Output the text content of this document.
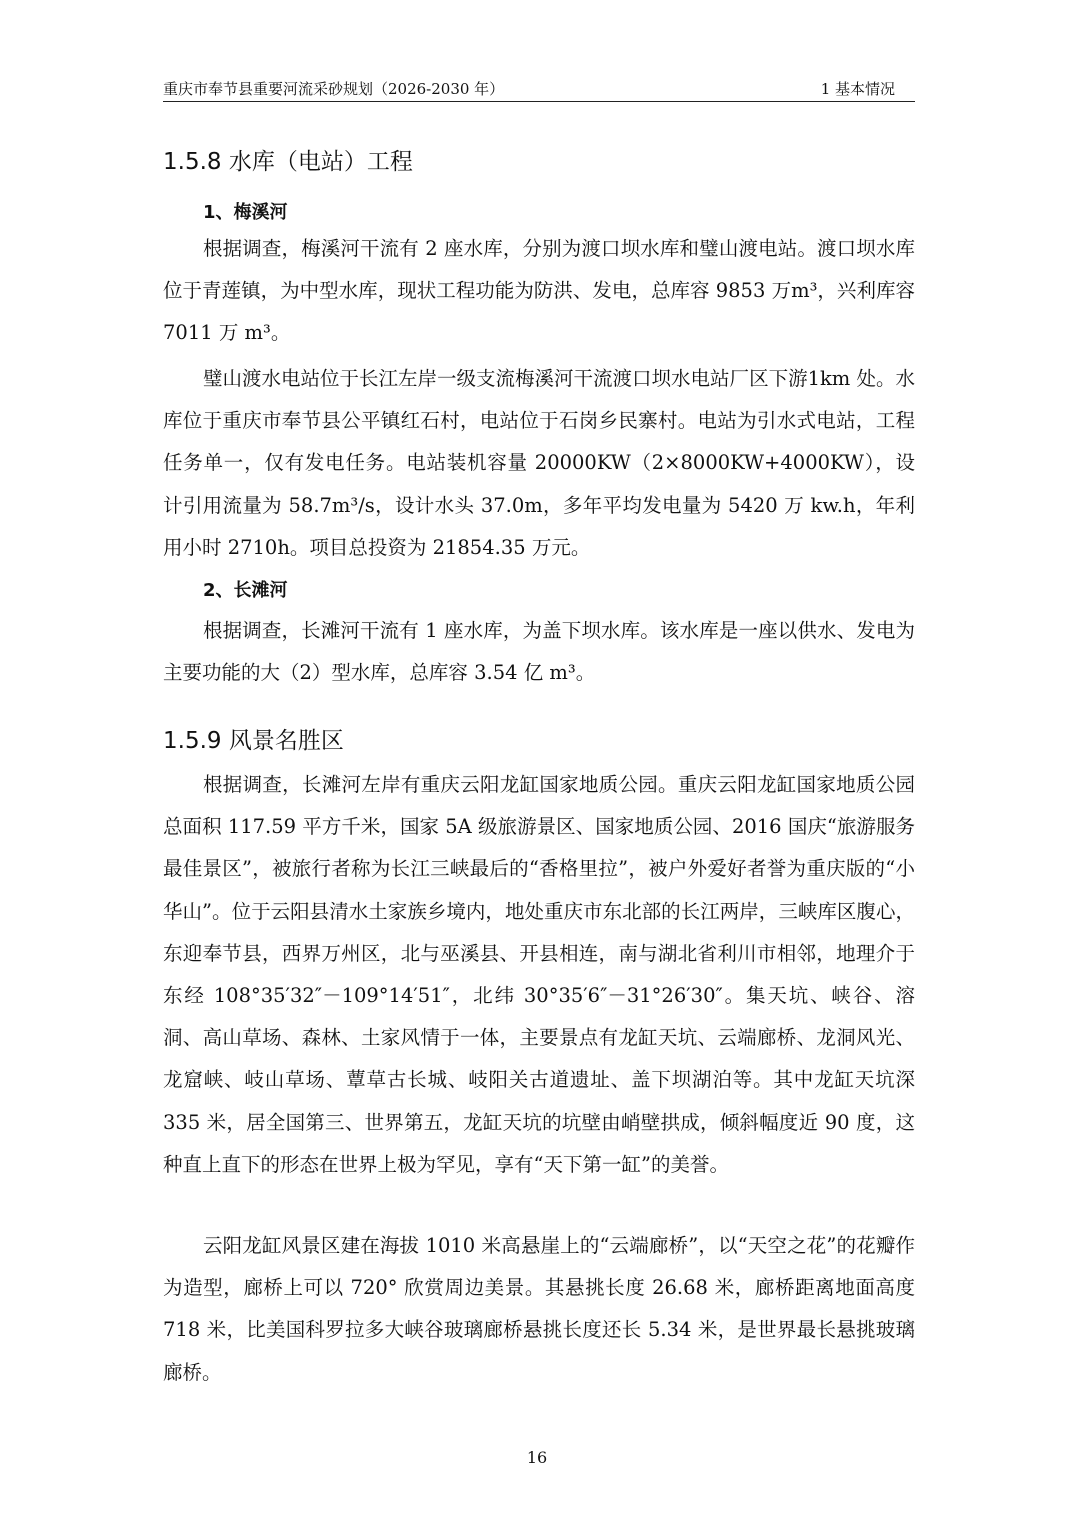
重庆市奉节县重要河流采砂规划（2026-2030 年）	1 基本情况
1.5.8 水库（电站）工程
1、梅溪河

根据调查，梅溪河干流有 2 座水库，分别为渡口坝水库和璧山渡电站。渡口坝水库位于青莲镇，为中型水库，现状工程功能为防洪、发电，总库容 9853 万m³，兴利库容 7011 万 m³。

璧山渡水电站位于长江左岸一级支流梅溪河干流渡口坝水电站厂区下游1km 处。水库位于重庆市奉节县公平镇红石村，电站位于石岗乡民寨村。电站为引水式电站，工程任务单一，仅有发电任务。电站装机容量 20000KW（2×8000KW+4000KW），设计引用流量为 58.7m³/s，设计水头 37.0m，多年平均发电量为 5420 万 kw.h，年利用小时 2710h。项目总投资为 21854.35 万元。

2、长滩河

根据调查，长滩河干流有 1 座水库，为盖下坝水库。该水库是一座以供水、发电为主要功能的大（2）型水库，总库容 3.54 亿 m³。

1.5.9 风景名胜区

根据调查，长滩河左岸有重庆云阳龙缸国家地质公园。重庆云阳龙缸国家地质公园总面积 117.59 平方千米，国家 5A 级旅游景区、国家地质公园、2016 国庆“旅游服务最佳景区”，被旅行者称为长江三峡最后的“香格里拉”，被户外爱好者誉为重庆版的“小华山”。位于云阳县清水土家族乡境内，地处重庆市东北部的长江两岸，三峡库区腹心，东迎奉节县，西界万州区，北与巫溪县、开县相连，南与湖北省利川市相邻，地理介于东经 108°35′32″－109°14′51″，北纬 30°35′6″－31°26′30″。集天坑、峡谷、溶洞、高山草场、森林、土家风情于一体，主要景点有龙缸天坑、云端廊桥、龙洞风光、龙窟峡、岐山草场、蕈草古长城、岐阳关古道遗址、盖下坝湖泊等。其中龙缸天坑深 335 米，居全国第三、世界第五，龙缸天坑的坑壁由峭壁拱成，倾斜幅度近 90 度，这种直上直下的形态在世界上极为罕见，享有“天下第一缸”的美誉。

云阳龙缸风景区建在海拔 1010 米高悬崖上的“云端廊桥”，以“天空之花”的花瓣作为造型，廊桥上可以 720° 欣赏周边美景。其悬挑长度 26.68 米，廊桥距离地面高度 718 米，比美国科罗拉多大峡谷玻璃廊桥悬挑长度还长 5.34 米，是世界最长悬挑玻璃廊桥。

16
